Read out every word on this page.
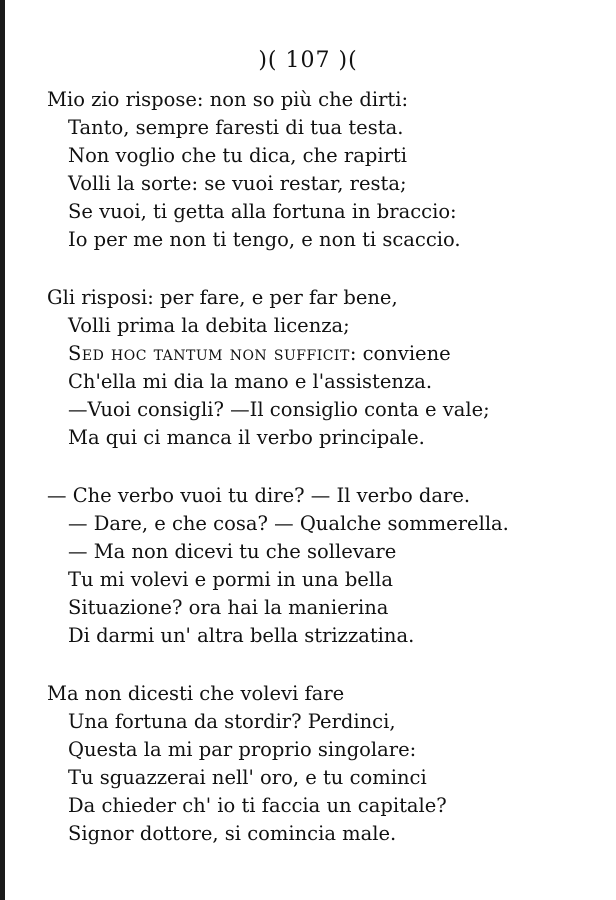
)( 107 )(
Mio zio rispose: non so più che dirti:
Tanto, sempre faresti di tua testa.
Non voglio che tu dica, che rapirti
Volli la sorte: se vuoi restar, resta;
Se vuoi, ti getta alla fortuna in braccio:
Io per me non ti tengo, e non ti scaccio.
Gli risposi: per fare, e per far bene,
Volli prima la debita licenza;
Sed hoc tantum non sufficit: conviene
Ch'ella mi dia la mano e l'assistenza.
—Vuoi consigli? —Il consiglio conta e vale;
Ma qui ci manca il verbo principale.
— Che verbo vuoi tu dire? — Il verbo dare.
— Dare, e che cosa? — Qualche sommerella.
— Ma non dicevi tu che sollevare
Tu mi volevi e pormi in una bella
Situazione? ora hai la manierina
Di darmi un' altra bella strizzatina.
Ma non dicesti che volevi fare
Una fortuna da stordir? Perdinci,
Questa la mi par proprio singolare:
Tu sguazzerai nell' oro, e tu cominci
Da chieder ch' io ti faccia un capitale?
Signor dottore, si comincia male.
